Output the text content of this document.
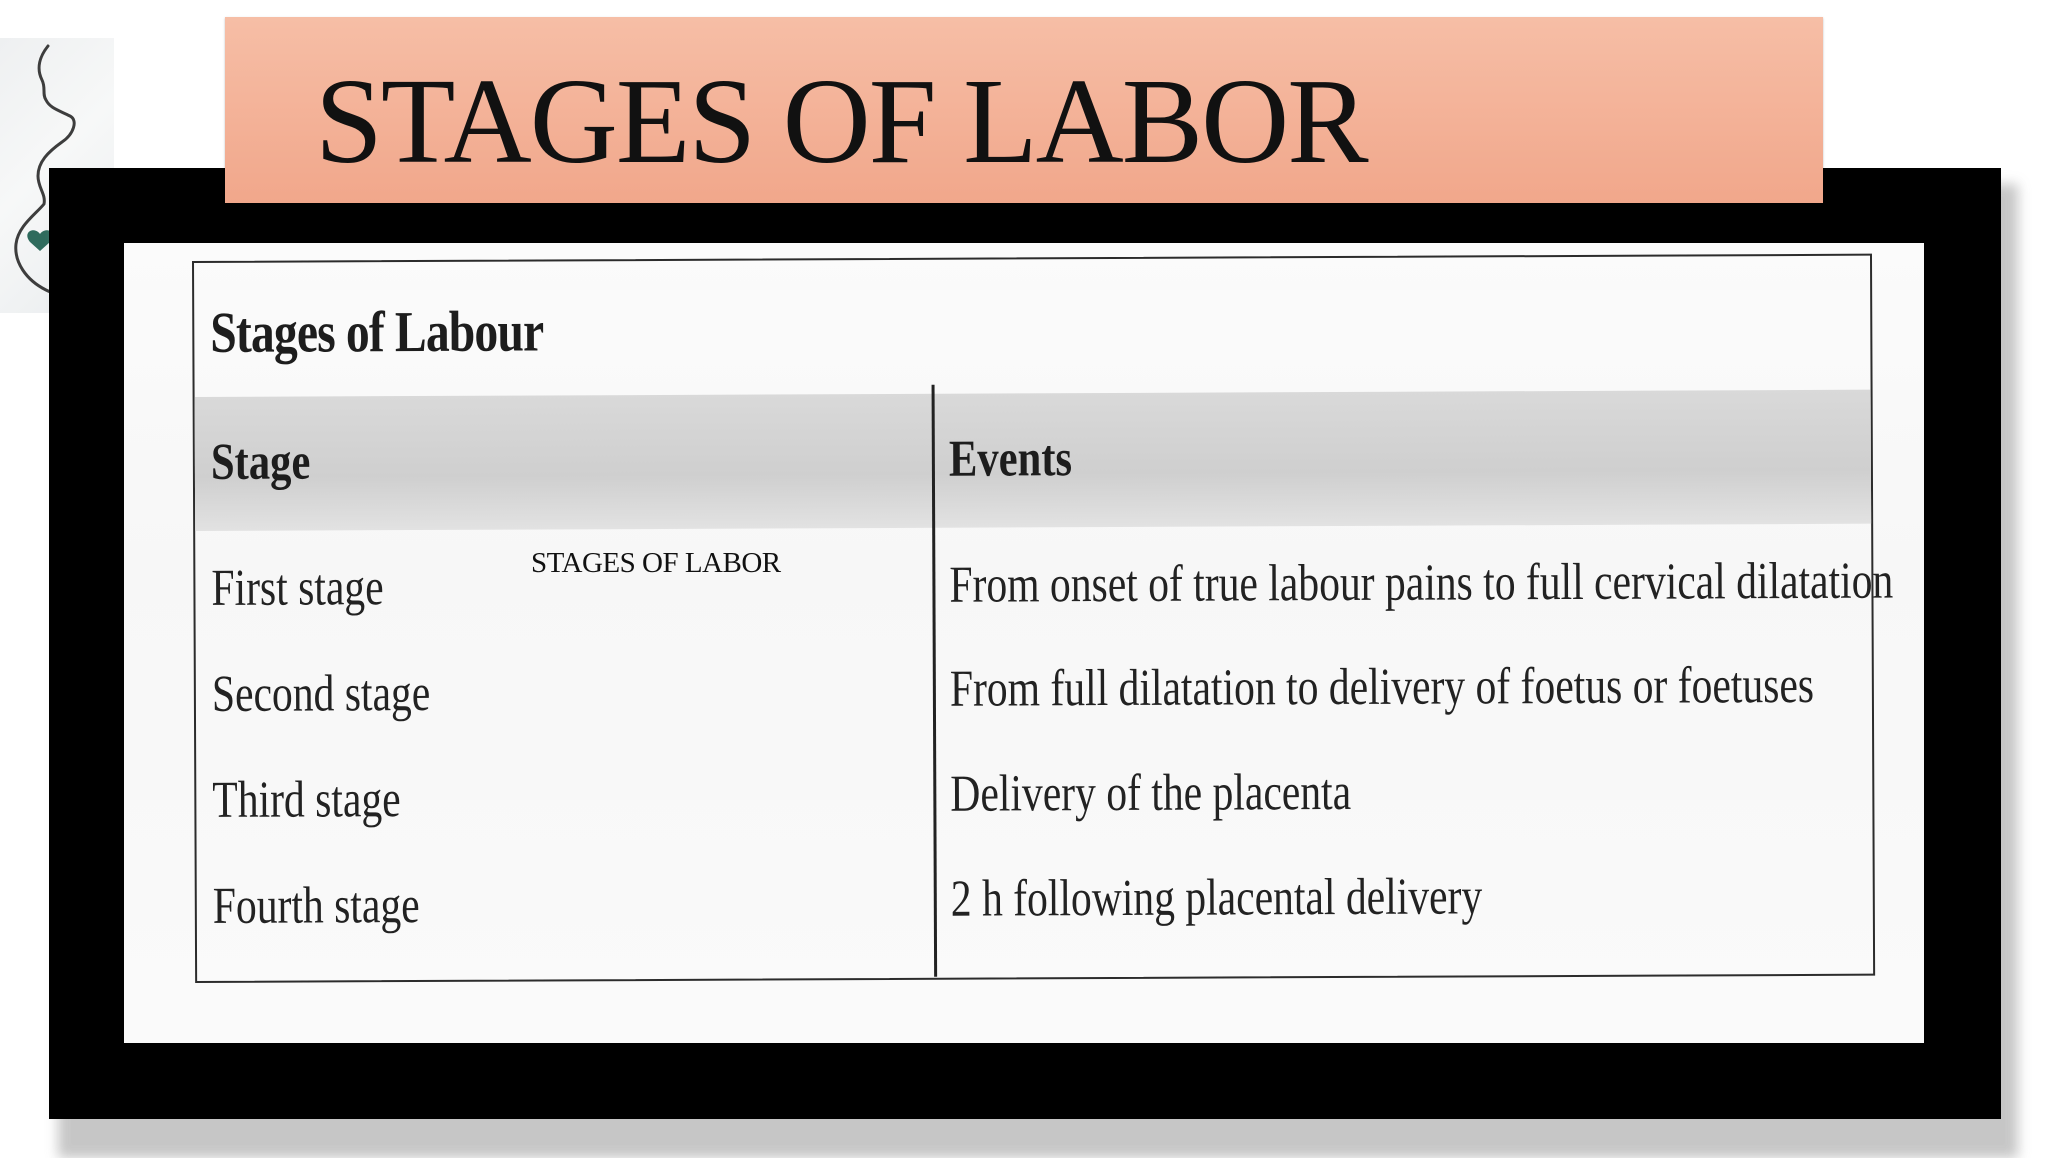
STAGES OF LABOR
Stages of Labour
Stage	Events
First stage	From onset of true labour pains to full cervical dilatation
Second stage	From full dilatation to delivery of foetus or foetuses
Third stage	Delivery of the placenta
Fourth stage	2 h following placental delivery
STAGES OF LABOR
